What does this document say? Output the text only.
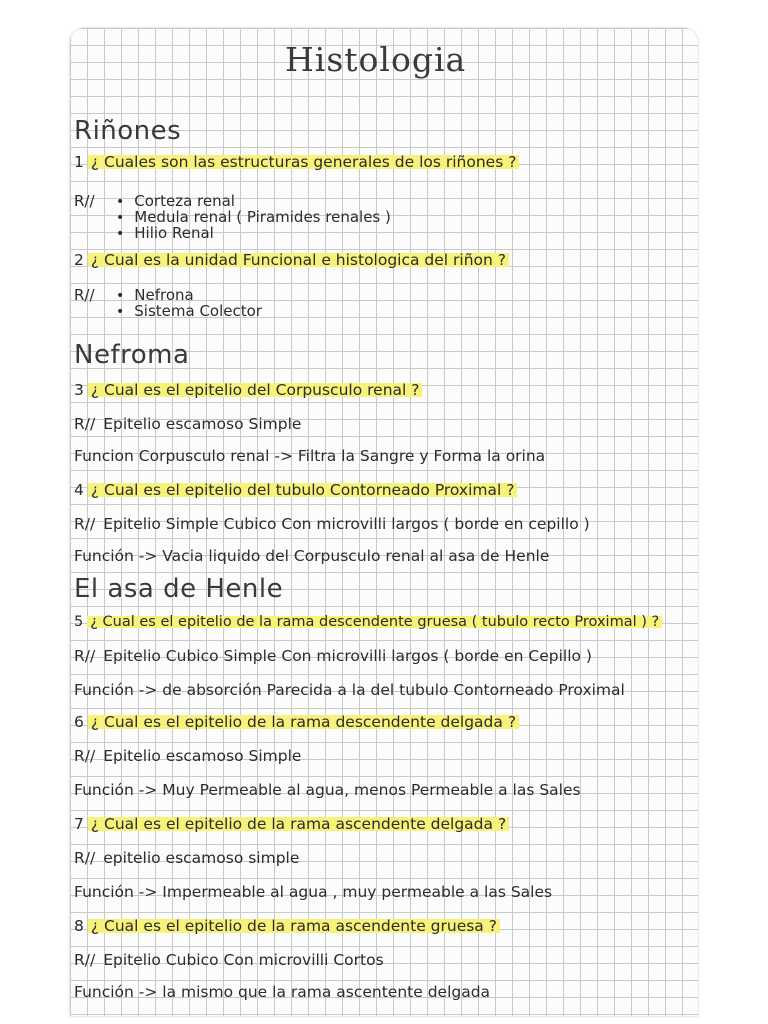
Histologia
Riñones
1 ¿ Cuales son las estructuras generales de los riñones ?
R//	• Corteza renal
• Medula renal ( Piramides renales )
• Hilio Renal
2 ¿ Cual es la unidad Funcional e histologica del riñon ?
R//	• Nefrona
• Sistema Colector
Nefroma
3 ¿ Cual es el epitelio del Corpusculo renal ?
R// Epitelio escamoso Simple
Funcion Corpusculo renal -> Filtra la Sangre y Forma la orina
4 ¿ Cual es el epitelio del tubulo Contorneado Proximal ?
R// Epitelio Simple Cubico Con microvilli largos ( borde en cepillo )
Función -> Vacia liquido del Corpusculo renal al asa de Henle
El asa de Henle
5 ¿ Cual es el epitelio de la rama descendente gruesa ( tubulo recto Proximal ) ?
R// Epitelio Cubico Simple Con microvilli largos ( borde en Cepillo )
Función -> de absorción Parecida a la del tubulo Contorneado Proximal
6 ¿ Cual es el epitelio de la rama descendente delgada ?
R// Epitelio escamoso Simple
Función -> Muy Permeable al agua, menos Permeable a las Sales
7 ¿ Cual es el epitelio de la rama ascendente delgada ?
R// epitelio escamoso simple
Función -> Impermeable al agua , muy permeable a las Sales
8 ¿ Cual es el epitelio de la rama ascendente gruesa ?
R// Epitelio Cubico Con microvilli Cortos
Función -> la mismo que la rama ascentente delgada
